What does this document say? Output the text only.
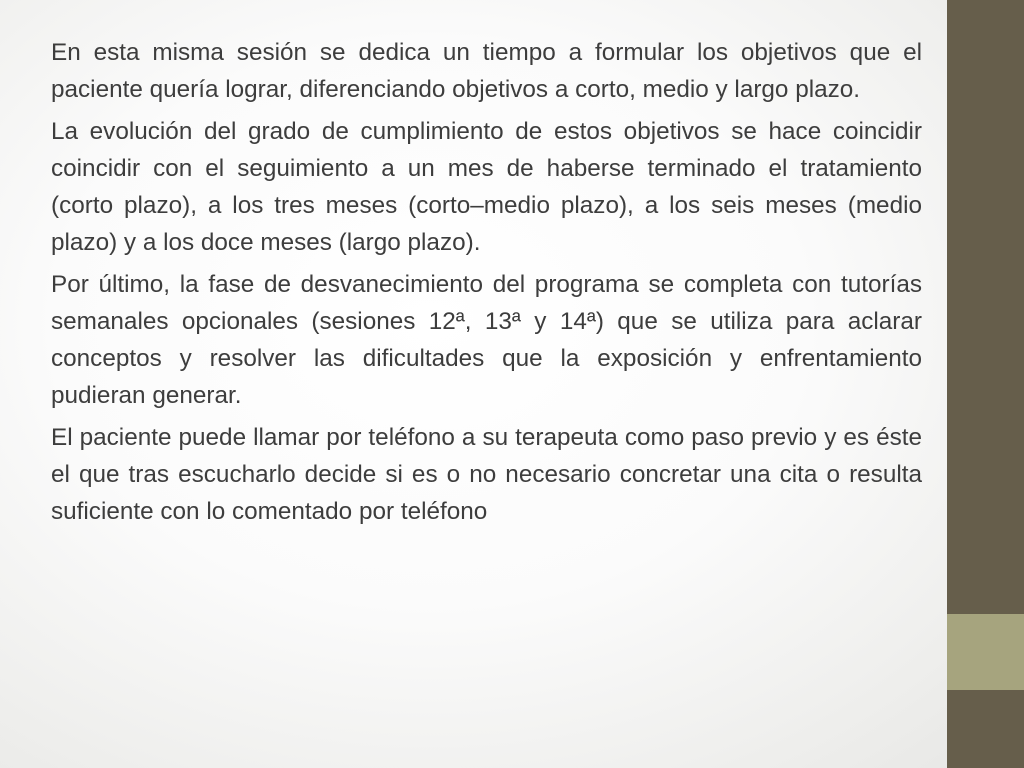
En esta misma sesión se dedica un tiempo a formular los objetivos que el paciente quería lograr, diferenciando objetivos a corto, medio y largo plazo.

La evolución del grado de cumplimiento de estos objetivos se hace coincidir coincidir con el seguimiento a un mes de haberse terminado el tratamiento (corto plazo), a los tres meses (corto–medio plazo), a los seis meses (medio plazo) y a los doce meses (largo plazo).

Por último, la fase de desvanecimiento del programa se completa con tutorías semanales opcionales (sesiones 12ª, 13ª y 14ª) que se utiliza para aclarar conceptos y resolver las dificultades que la exposición y enfrentamiento pudieran generar.

El paciente puede llamar por teléfono a su terapeuta como paso previo y es éste el que tras escucharlo decide si es o no necesario concretar una cita o resulta suficiente con lo comentado por teléfono
